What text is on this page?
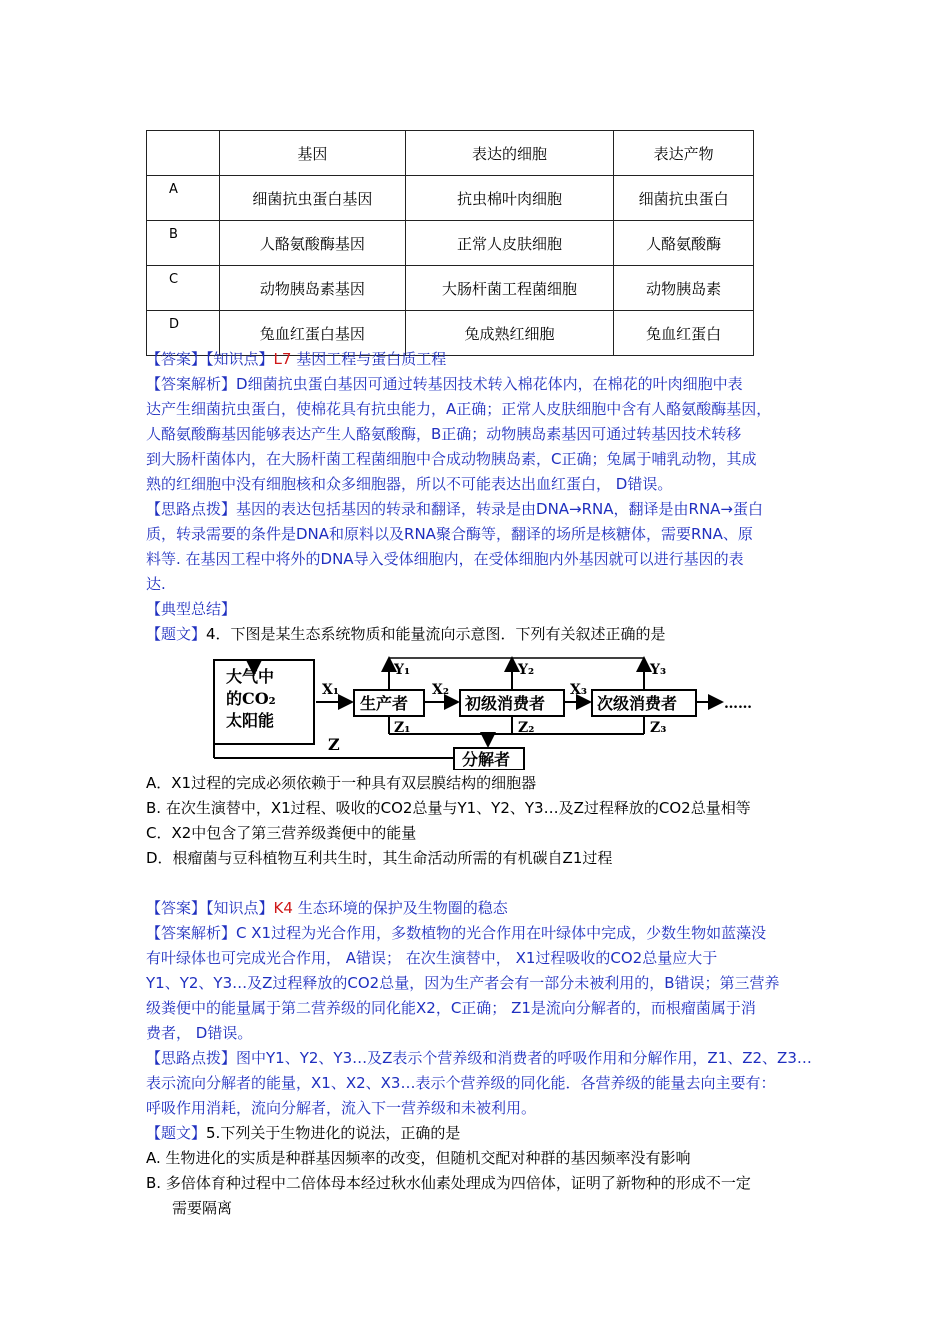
	基因	表达的细胞	表达产物
A	细菌抗虫蛋白基因	抗虫棉叶肉细胞	细菌抗虫蛋白
B	人酪氨酸酶基因	正常人皮肤细胞	人酪氨酸酶
C	动物胰岛素基因	大肠杆菌工程菌细胞	动物胰岛素
D	兔血红蛋白基因	兔成熟红细胞	兔血红蛋白
【答案】【知识点】L7 基因工程与蛋白质工程
【答案解析】D细菌抗虫蛋白基因可通过转基因技术转入棉花体内，在棉花的叶肉细胞中表
达产生细菌抗虫蛋白，使棉花具有抗虫能力，A正确；正常人皮肤细胞中含有人酪氨酸酶基因，
人酪氨酸酶基因能够表达产生人酪氨酸酶，B正确；动物胰岛素基因可通过转基因技术转移
到大肠杆菌体内，在大肠杆菌工程菌细胞中合成动物胰岛素，C正确；兔属于哺乳动物，其成
熟的红细胞中没有细胞核和众多细胞器，所以不可能表达出血红蛋白， D错误。
【思路点拨】基因的表达包括基因的转录和翻译，转录是由DNA→RNA，翻译是由RNA→蛋白
质，转录需要的条件是DNA和原料以及RNA聚合酶等，翻译的场所是核糖体，需要RNA、原
料等. 在基因工程中将外的DNA导入受体细胞内，在受体细胞内外基因就可以进行基因的表
达.
【典型总结】
【题文】4．下图是某生态系统物质和能量流向示意图．下列有关叙述正确的是
大气中
的CO₂
太阳能
X₁
生产者
X₂
初级消费者
X₃
次级消费者	……
Y₁	Y₂	Y₃
Z₁	Z₂	Z₃
分解者
Z
A．X1过程的完成必须依赖于一种具有双层膜结构的细胞器
B. 在次生演替中，X1过程、吸收的CO2总量与Y1、Y2、Y3…及Z过程释放的CO2总量相等
C．X2中包含了第三营养级粪便中的能量
D．根瘤菌与豆科植物互利共生时，其生命活动所需的有机碳自Z1过程
【答案】【知识点】K4 生态环境的保护及生物圈的稳态
【答案解析】C X1过程为光合作用，多数植物的光合作用在叶绿体中完成，少数生物如蓝藻没
有叶绿体也可完成光合作用， A错误； 在次生演替中， X1过程吸收的CO2总量应大于
Y1、Y2、Y3…及Z过程释放的CO2总量，因为生产者会有一部分未被利用的，B错误；第三营养
级粪便中的能量属于第二营养级的同化能X2，C正确； Z1是流向分解者的，而根瘤菌属于消
费者， D错误。
【思路点拨】图中Y1、Y2、Y3…及Z表示个营养级和消费者的呼吸作用和分解作用，Z1、Z2、Z3…
表示流向分解者的能量，X1、X2、X3…表示个营养级的同化能．各营养级的能量去向主要有：
呼吸作用消耗，流向分解者，流入下一营养级和未被利用。
【题文】5.下列关于生物进化的说法，正确的是
A. 生物进化的实质是种群基因频率的改变，但随机交配对种群的基因频率没有影响
B. 多倍体育种过程中二倍体母本经过秋水仙素处理成为四倍体，证明了新物种的形成不一定
需要隔离
